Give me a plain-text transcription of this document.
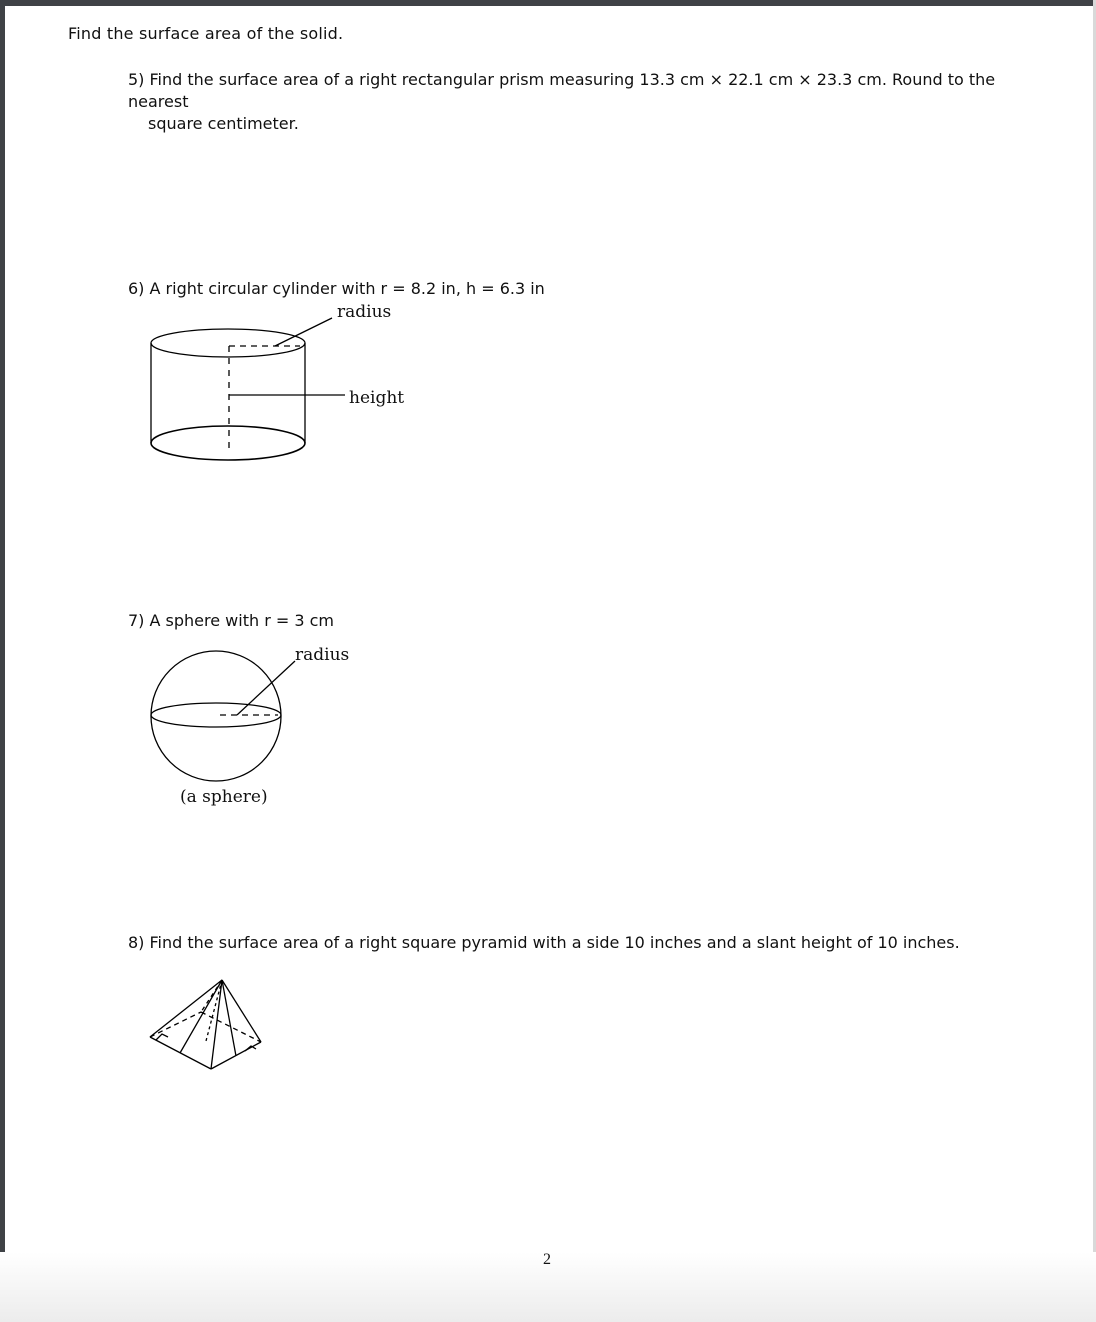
Find the surface area of the solid.
5) Find the surface area of a right rectangular prism measuring 13.3 cm × 22.1 cm × 23.3 cm. Round to the nearest
square centimeter.
6) A right circular cylinder with r = 8.2 in, h = 6.3 in
radius
height
7) A sphere with r = 3 cm
radius
(a sphere)
8) Find the surface area of a right square pyramid with a side 10 inches and a slant height of 10 inches.
2
